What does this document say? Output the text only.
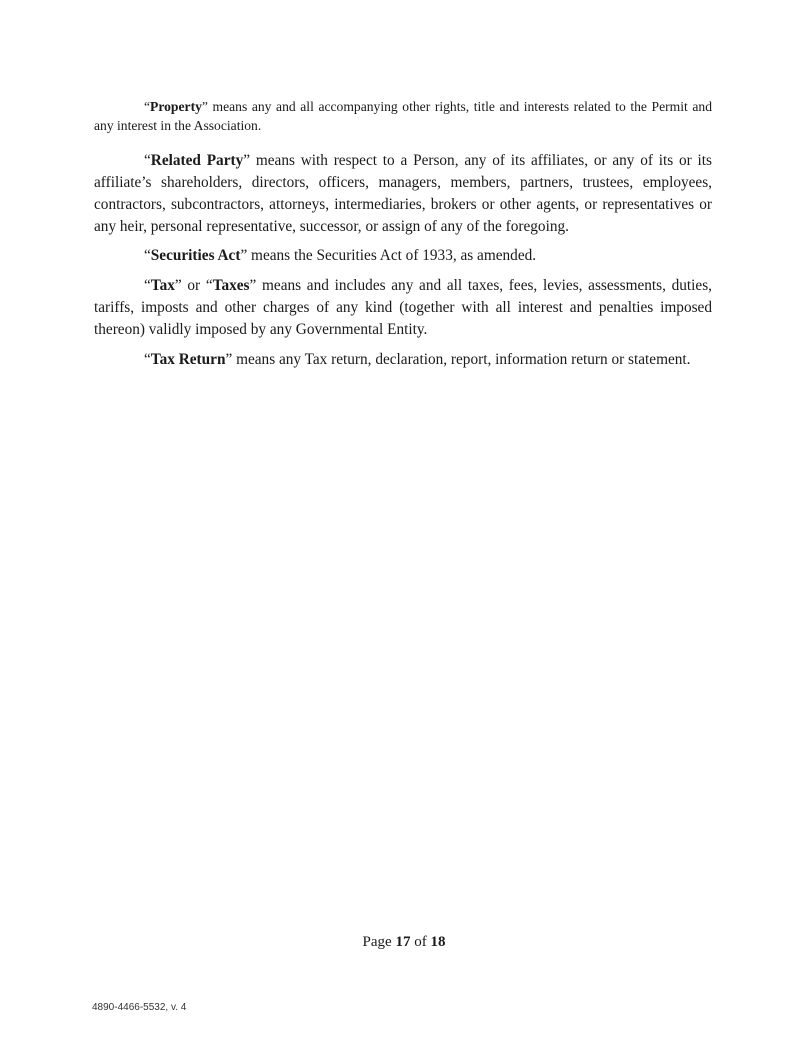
“Property” means any and all accompanying other rights, title and interests related to the Permit and any interest in the Association.

“Related Party” means with respect to a Person, any of its affiliates, or any of its or its affiliate’s shareholders, directors, officers, managers, members, partners, trustees, employees, contractors, subcontractors, attorneys, intermediaries, brokers or other agents, or representatives or any heir, personal representative, successor, or assign of any of the foregoing.

“Securities Act” means the Securities Act of 1933, as amended.

“Tax” or “Taxes” means and includes any and all taxes, fees, levies, assessments, duties, tariffs, imposts and other charges of any kind (together with all interest and penalties imposed thereon) validly imposed by any Governmental Entity.

“Tax Return” means any Tax return, declaration, report, information return or statement.

Page 17 of 18
4890-4466-5532, v. 4
